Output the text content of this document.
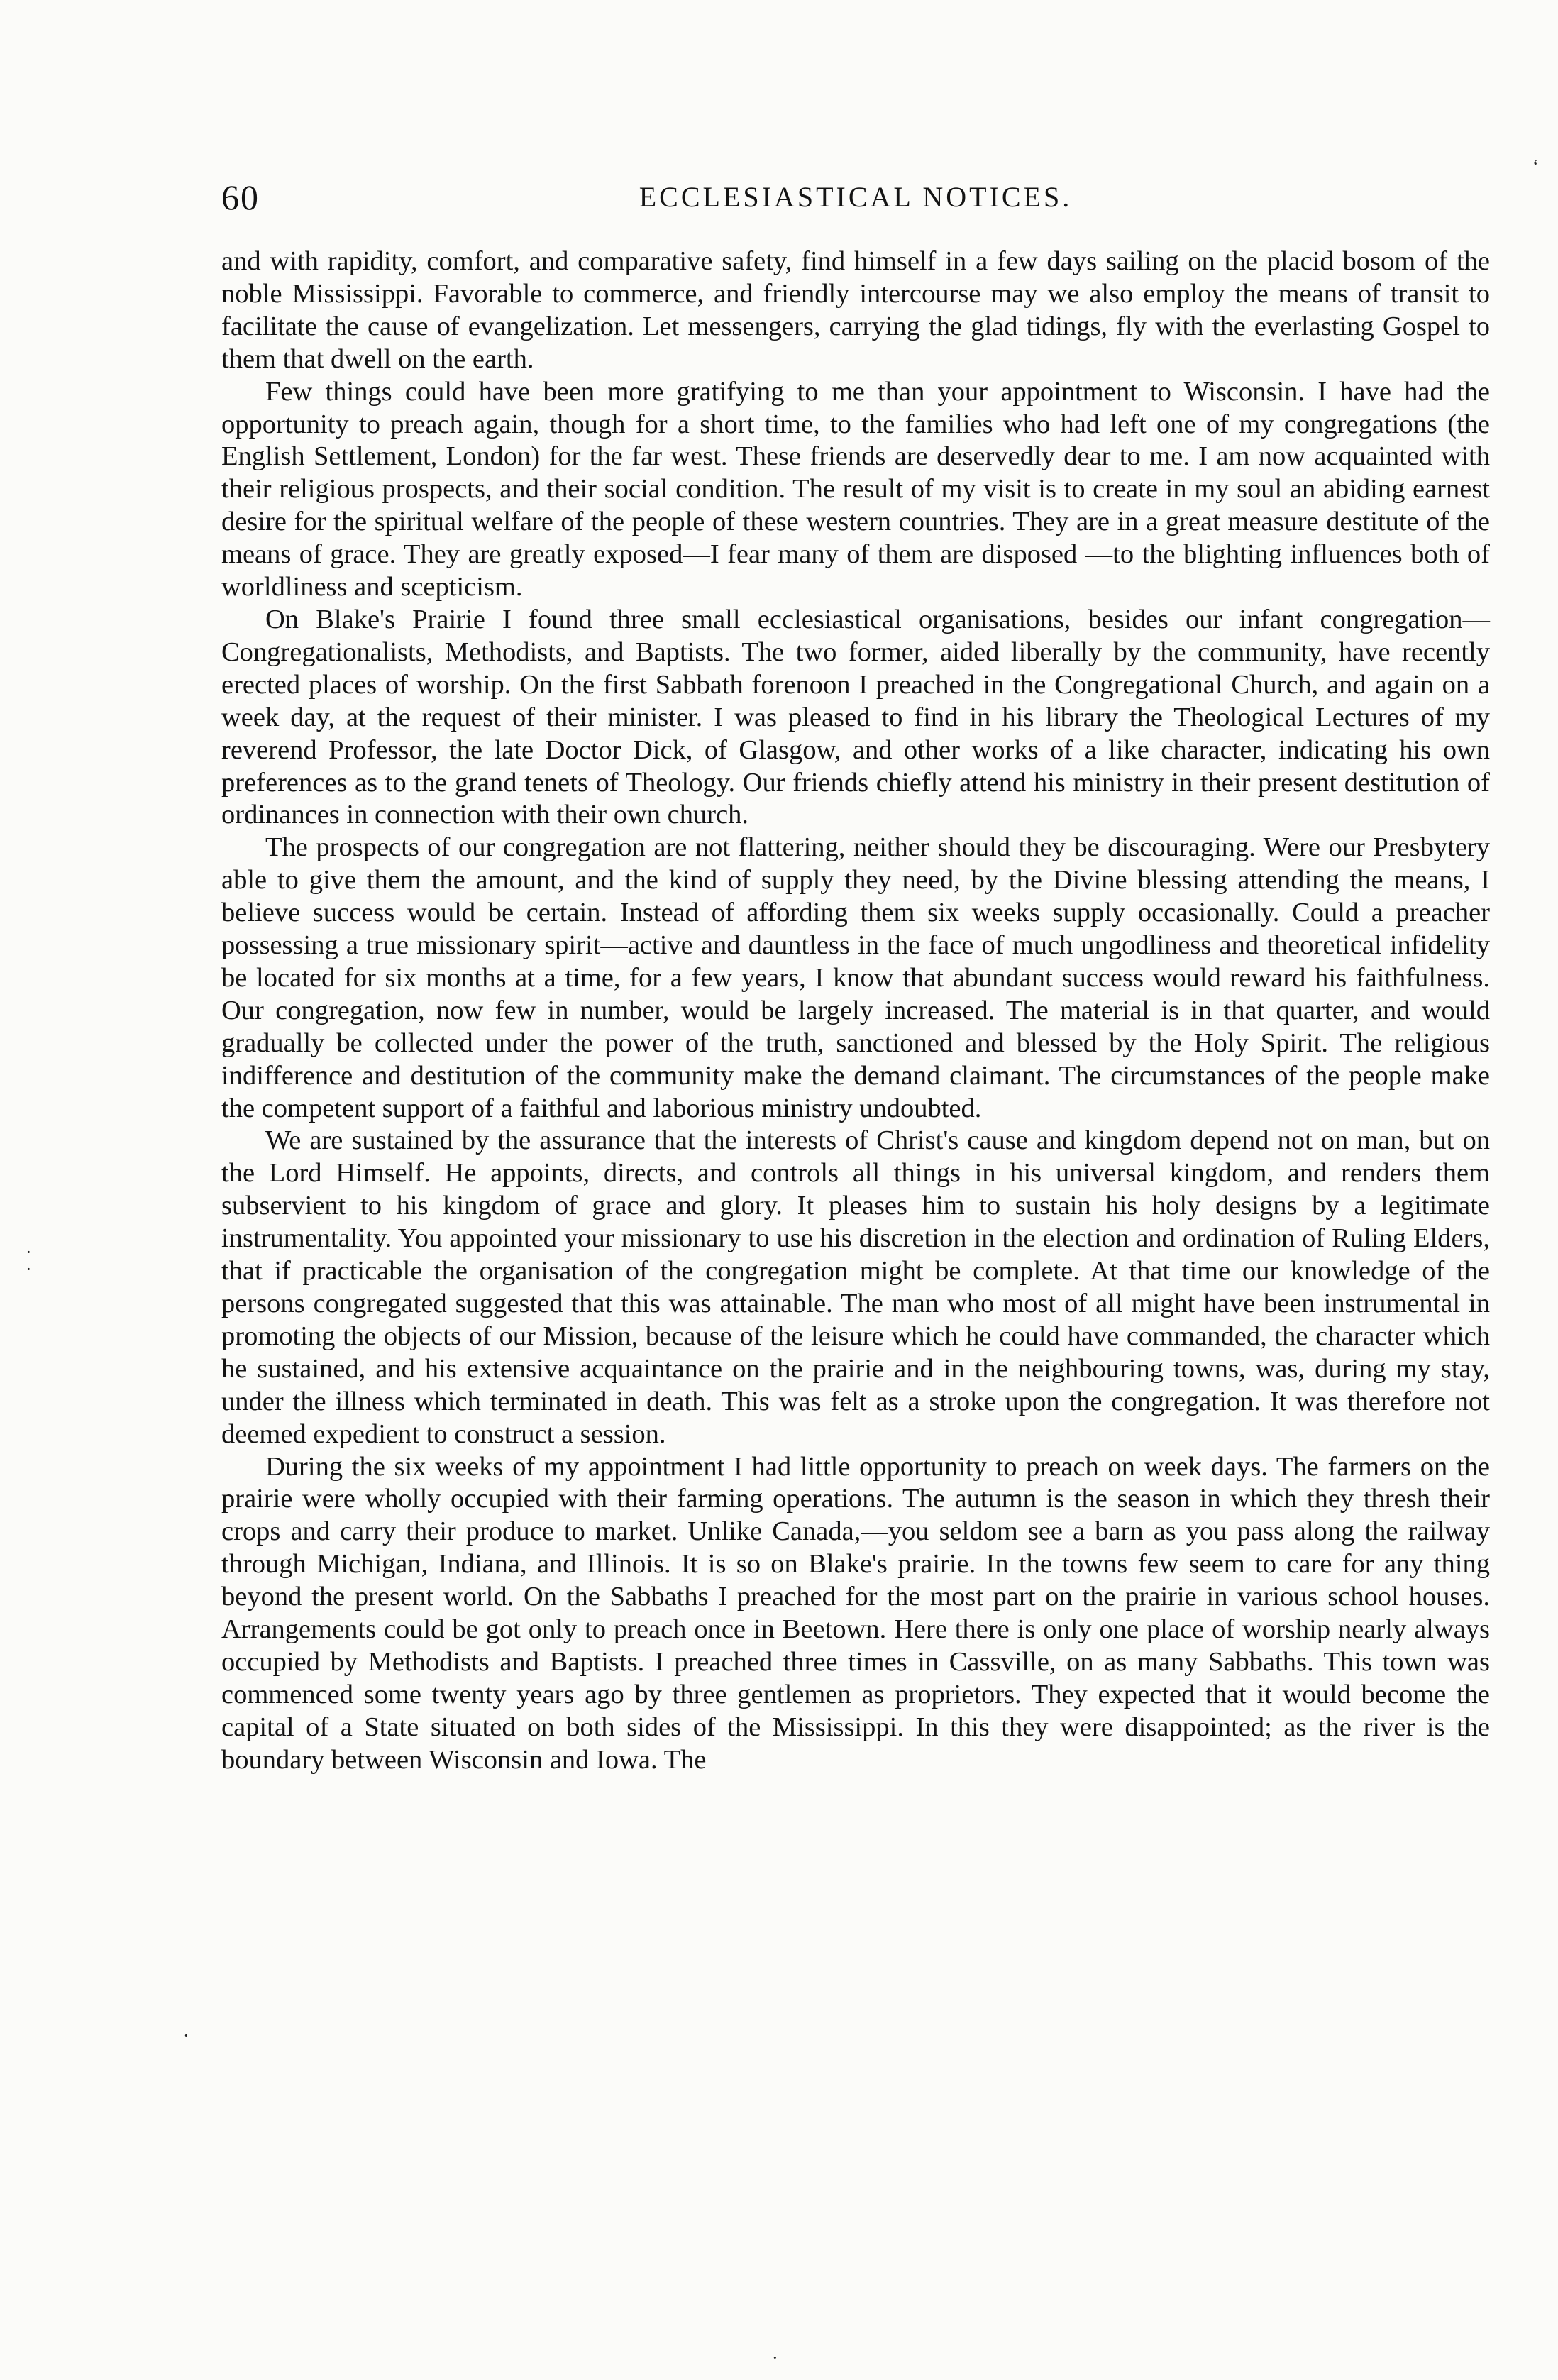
60	ECCLESIASTICAL NOTICES.

and with rapidity, comfort, and comparative safety, find himself in a few days sailing on the placid bosom of the noble Mississippi. Favorable to commerce, and friendly intercourse may we also employ the means of transit to facilitate the cause of evangelization. Let messengers, carrying the glad tidings, fly with the everlasting Gospel to them that dwell on the earth.

Few things could have been more gratifying to me than your appointment to Wisconsin. I have had the opportunity to preach again, though for a short time, to the families who had left one of my congregations (the English Settlement, London) for the far west. These friends are deservedly dear to me. I am now acquainted with their religious prospects, and their social condition. The result of my visit is to create in my soul an abiding earnest desire for the spiritual welfare of the people of these western countries. They are in a great measure destitute of the means of grace. They are greatly exposed—I fear many of them are disposed —to the blighting influences both of worldliness and scepticism.

On Blake's Prairie I found three small ecclesiastical organisations, besides our infant congregation—Congregationalists, Methodists, and Baptists. The two former, aided liberally by the community, have recently erected places of worship. On the first Sabbath forenoon I preached in the Congregational Church, and again on a week day, at the request of their minister. I was pleased to find in his library the Theological Lectures of my reverend Professor, the late Doctor Dick, of Glasgow, and other works of a like character, indicating his own preferences as to the grand tenets of Theology. Our friends chiefly attend his ministry in their present destitution of ordinances in connection with their own church.

The prospects of our congregation are not flattering, neither should they be discouraging. Were our Presbytery able to give them the amount, and the kind of supply they need, by the Divine blessing attending the means, I believe success would be certain. Instead of affording them six weeks supply occasionally. Could a preacher possessing a true missionary spirit—active and dauntless in the face of much ungodliness and theoretical infidelity be located for six months at a time, for a few years, I know that abundant success would reward his faithfulness. Our congregation, now few in number, would be largely increased. The material is in that quarter, and would gradually be collected under the power of the truth, sanctioned and blessed by the Holy Spirit. The religious indifference and destitution of the community make the demand claimant. The circumstances of the people make the competent support of a faithful and laborious ministry undoubted.

We are sustained by the assurance that the interests of Christ's cause and kingdom depend not on man, but on the Lord Himself. He appoints, directs, and controls all things in his universal kingdom, and renders them subservient to his kingdom of grace and glory. It pleases him to sustain his holy designs by a legitimate instrumentality. You appointed your missionary to use his discretion in the election and ordination of Ruling Elders, that if practicable the organisation of the congregation might be complete. At that time our knowledge of the persons congregated suggested that this was attainable. The man who most of all might have been instrumental in promoting the objects of our Mission, because of the leisure which he could have commanded, the character which he sustained, and his extensive acquaintance on the prairie and in the neighbouring towns, was, during my stay, under the illness which terminated in death. This was felt as a stroke upon the congregation. It was therefore not deemed expedient to construct a session.

During the six weeks of my appointment I had little opportunity to preach on week days. The farmers on the prairie were wholly occupied with their farming operations. The autumn is the season in which they thresh their crops and carry their produce to market. Unlike Canada,—you seldom see a barn as you pass along the railway through Michigan, Indiana, and Illinois. It is so on Blake's prairie. In the towns few seem to care for any thing beyond the present world. On the Sabbaths I preached for the most part on the prairie in various school houses. Arrangements could be got only to preach once in Beetown. Here there is only one place of worship nearly always occupied by Methodists and Baptists. I preached three times in Cassville, on as many Sabbaths. This town was commenced some twenty years ago by three gentlemen as proprietors. They expected that it would become the capital of a State situated on both sides of the Mississippi. In this they were disappointed; as the river is the boundary between Wisconsin and Iowa. The

‘
·
·
·
·
